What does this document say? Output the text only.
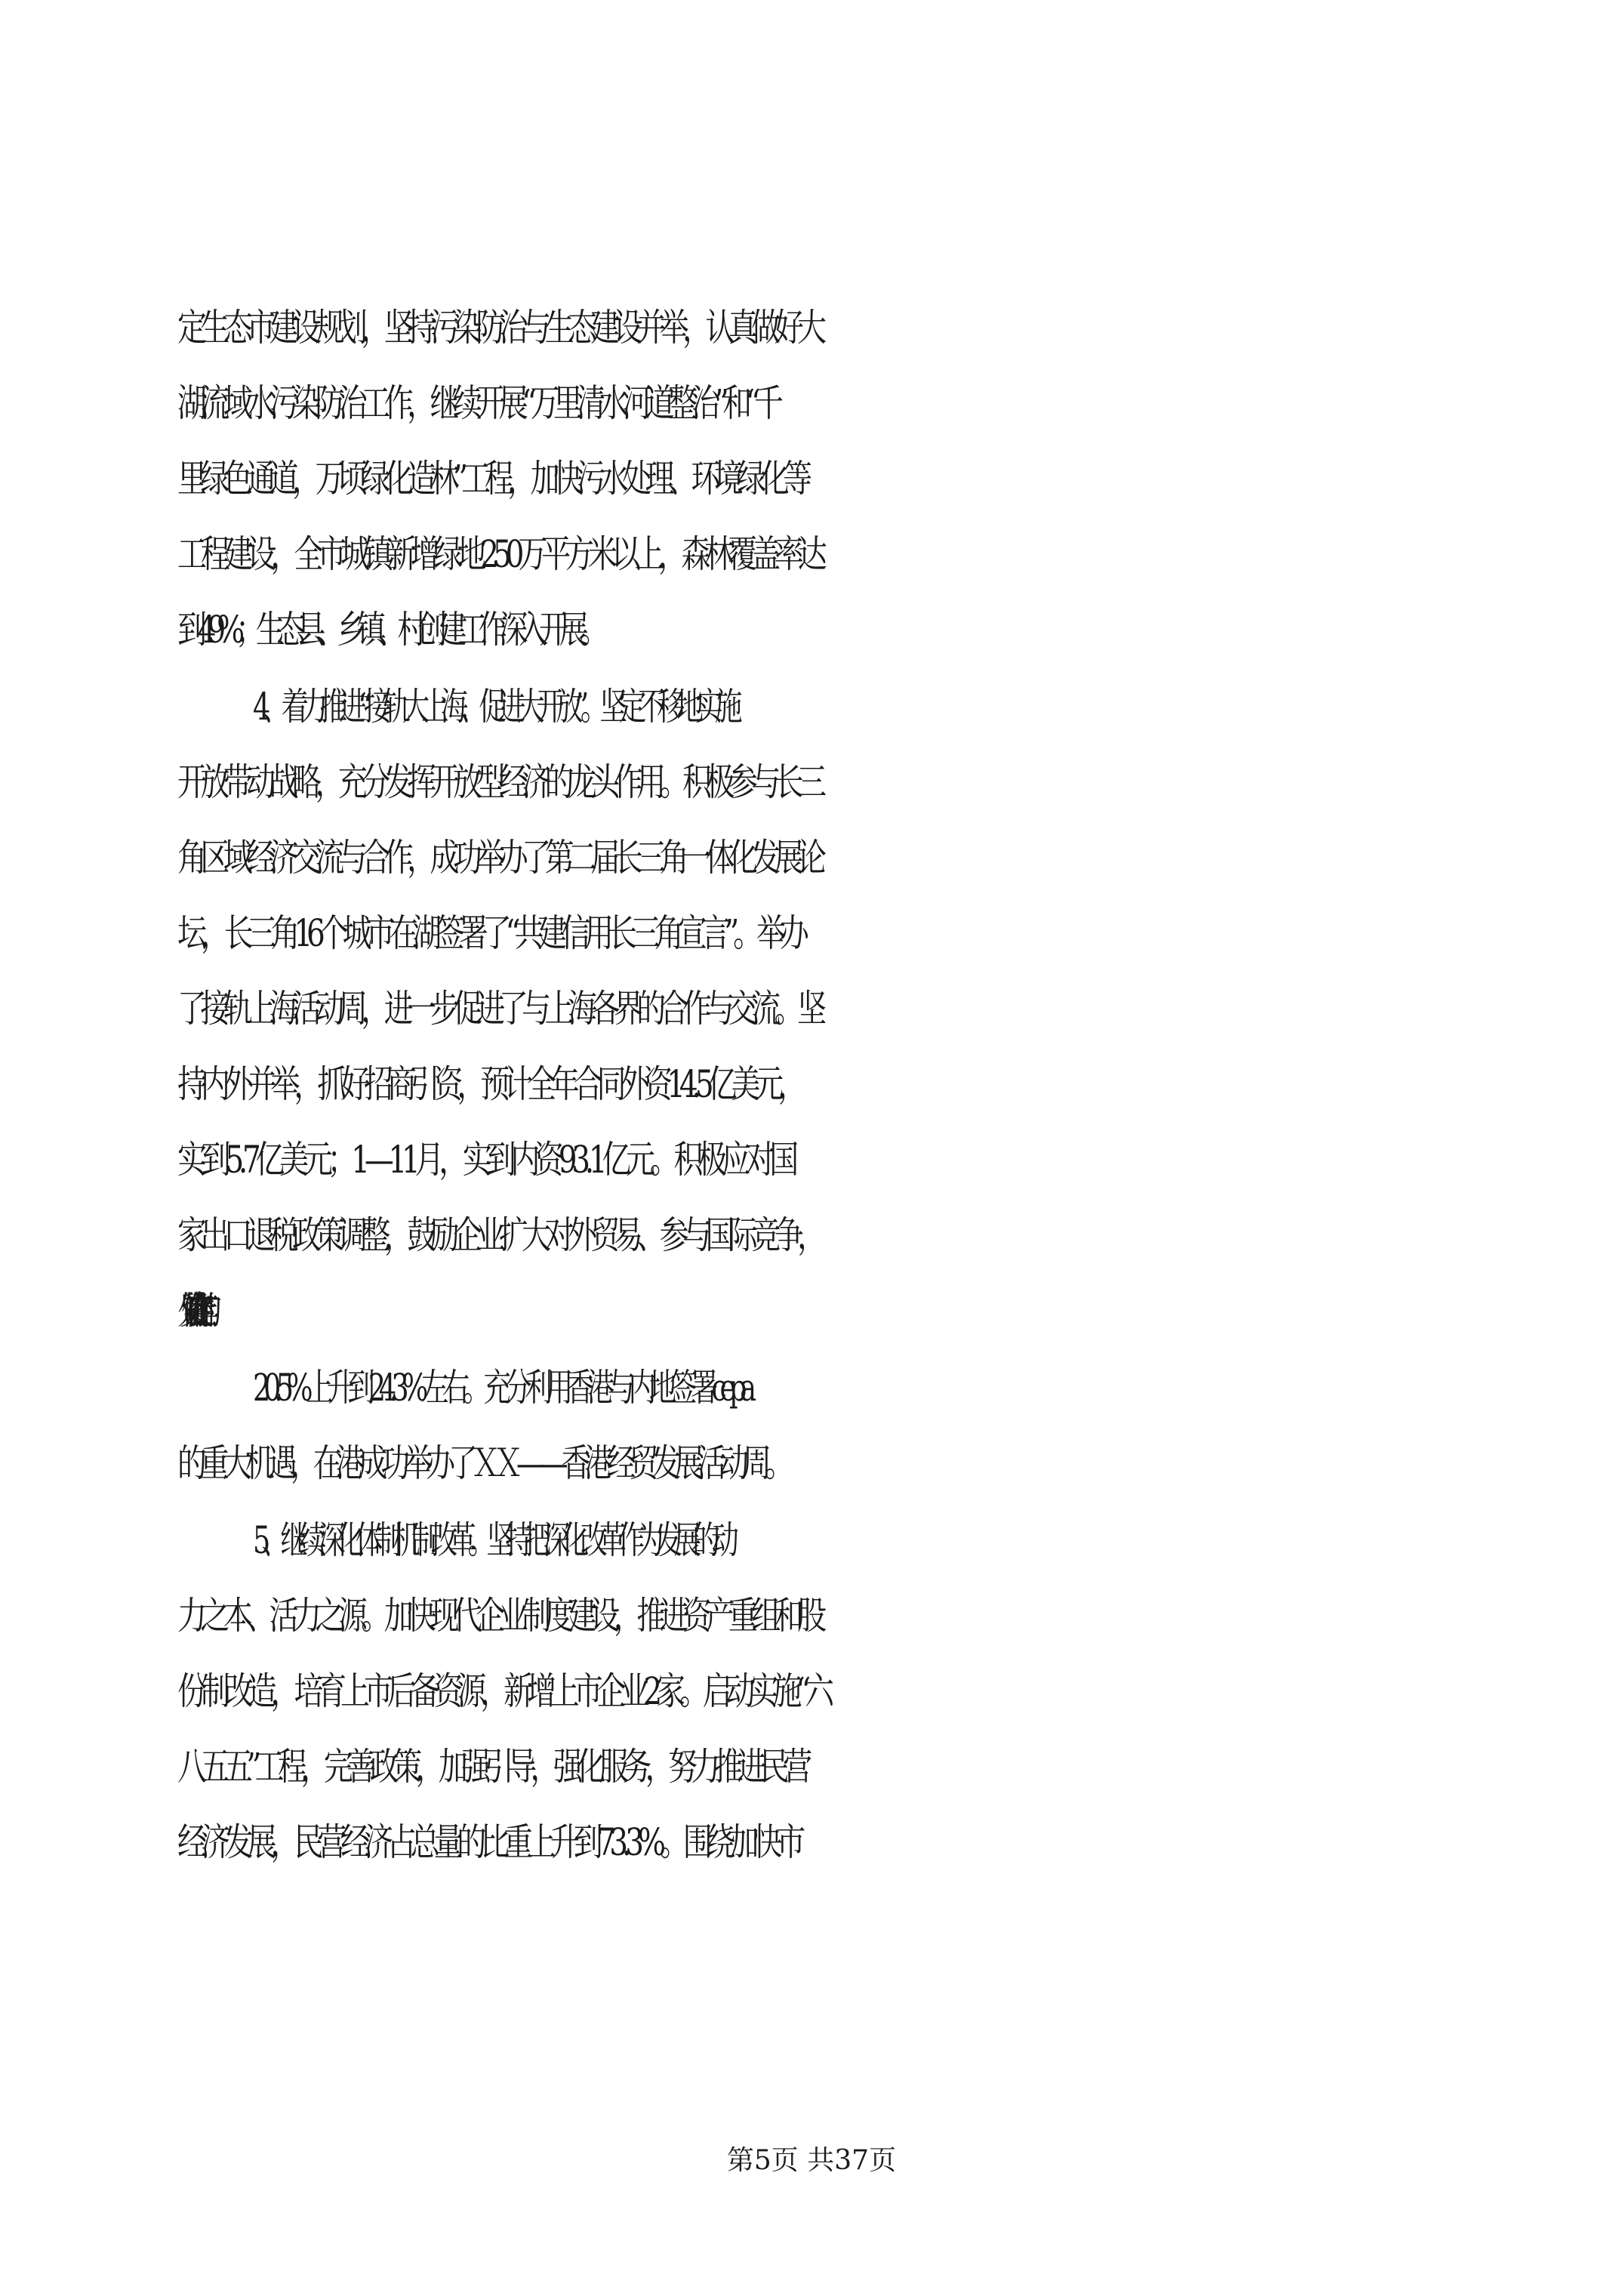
定生态市建设规划，坚持污染防治与生态建设并举，认真做好大
湖流域水污染防治工作，继续开展“万里清水河道整治”和“千
里绿色通道，万顷绿化造林”工程，加快污水处理、环境绿化等
工程建设，全市城镇新增绿地250万平方米以上，森林覆盖率达
到49%；生态县、乡镇、村创建工作深入开展。
4、着力推进“接轨大上海、促进大开放”。坚定不移地实施
开放带动战略，充分发挥开放型经济的龙头作用。积极参与长三
角区域经济交流与合作，成功举办了第二届长三角一体化发展论
坛，长三角16个城市在湖签署了“共建信用长三角宣言”。举办
了接轨上海活动周，进一步促进了与上海各界的合作与交流。坚
持内外并举，抓好招商引资，预计全年合同外资14.5亿美元，
实到5.7亿美元；1—11月，实到内资93.1亿元。积极应对国
家出口退税政策调整，鼓励企业扩大对外贸易、参与国际竞争，
外贸依存度由上年的
20.5%上升到24.3%左右。充分利用香港与内地签署cepa
的重大机遇，在港成功举办了ＸＸ——香港经贸发展活动周。
5、继续深化体制机制改革。坚持把深化改革作为发展的动
力之本、活力之源。加快现代企业制度建设，推进资产重组和股
份制改造，培育上市后备资源，新增上市企业2家。启动实施“六
八五五”工程，完善政策，加强引导，强化服务，努力推进民营
经济发展，民营经济占总量的比重上升到73.3%。围绕加快市
第5页 共37页
